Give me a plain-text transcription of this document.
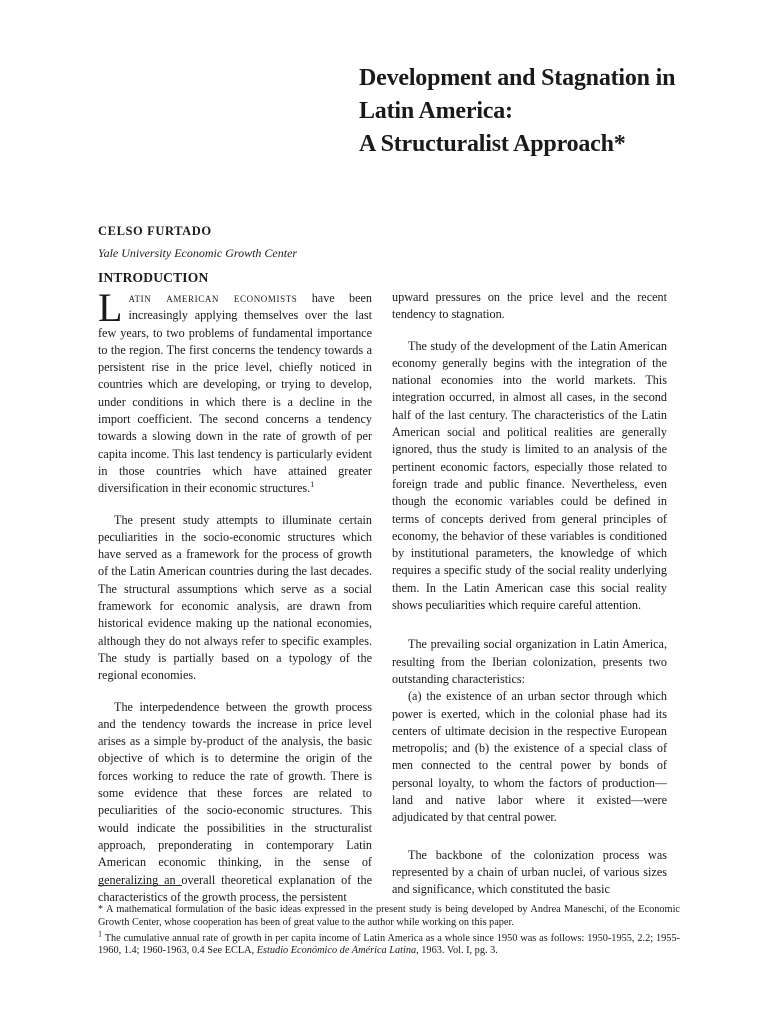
Development and Stagnation in
Latin America:
A Structuralist Approach*
CELSO FURTADO
Yale University Economic Growth Center
INTRODUCTION

Latin american economists have been increasingly applying themselves over the last few years, to two problems of fundamental importance to the region. The first concerns the tendency towards a persistent rise in the price level, chiefly noticed in countries which are developing, or trying to develop, under conditions in which there is a decline in the import coefficient. The second concerns a tendency towards a slowing down in the rate of growth of per capita income. This last tendency is particularly evident in those countries which have attained greater diversification in their economic structures.$^1$

The present study attempts to illuminate certain peculiarities in the socio-economic structures which have served as a framework for the process of growth of the Latin American countries during the last decades. The structural assumptions which serve as a social framework for economic analysis, are drawn from historical evidence making up the national economies, although they do not always refer to specific examples. The study is partially based on a typology of the regional economies.

The interpedendence between the growth process and the tendency towards the increase in price level arises as a simple by-product of the analysis, the basic objective of which is to determine the origin of the forces working to reduce the rate of growth. There is some evidence that these forces are related to peculiarities of the socio-economic structures. This would indicate the possibilities in the structuralist approach, preponderating in contemporary Latin American economic thinking, in the sense of generalizing an overall theoretical explanation of the characteristics of the growth process, the persistent

upward pressures on the price level and the recent tendency to stagnation.

The study of the development of the Latin American economy generally begins with the integration of the national economies into the world markets. This integration occurred, in almost all cases, in the second half of the last century. The characteristics of the Latin American social and political realities are generally ignored, thus the study is limited to an analysis of the pertinent economic factors, especially those related to foreign trade and public finance. Nevertheless, even though the economic variables could be defined in terms of concepts derived from general principles of economy, the behavior of these variables is conditioned by institutional parameters, the knowledge of which requires a specific study of the social reality underlying them. In the Latin American case this social reality shows peculiarities which require careful attention.

The prevailing social organization in Latin America, resulting from the Iberian colonization, presents two outstanding characteristics:

(a) the existence of an urban sector through which power is exerted, which in the colonial phase had its centers of ultimate decision in the respective European metropolis; and (b) the existence of a special class of men connected to the central power by bonds of personal loyalty, to whom the factors of production—land and native labor where it existed—were adjudicated by that central power.

The backbone of the colonization process was represented by a chain of urban nuclei, of various sizes and significance, which constituted the basic

* A mathematical formulation of the basic ideas expressed in the present study is being developed by Andrea Maneschi, of the Economic Growth Center, whose cooperation has been of great value to the author while working on this paper.

$^1$ The cumulative annual rate of growth in per capita income of Latin America as a whole since 1950 was as follows: 1950-1955, 2.2; 1955-1960, 1.4; 1960-1963, 0.4 See ECLA, Estudio Económico de América Latina, 1963. Vol. I, pg. 3.
